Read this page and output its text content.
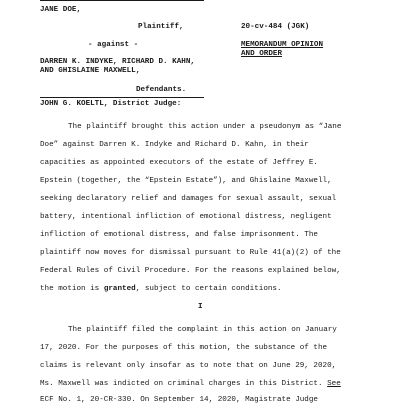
JANE DOE,
Plaintiff,
- against -
DARREN K. INDYKE, RICHARD D. KAHN,
AND GHISLAINE MAXWELL,
Defendants.
20-cv-484 (JGK)
MEMORANDUM OPINION
AND ORDER
JOHN G. KOELTL, District Judge:
The plaintiff brought this action under a pseudonym as “Jane
Doe” against Darren K. Indyke and Richard D. Kahn, in their
capacities as appointed executors of the estate of Jeffrey E.
Epstein (together, the “Epstein Estate”), and Ghislaine Maxwell,
seeking declaratory relief and damages for sexual assault, sexual
battery, intentional infliction of emotional distress, negligent
infliction of emotional distress, and false imprisonment. The
plaintiff now moves for dismissal pursuant to Rule 41(a)(2) of the
Federal Rules of Civil Procedure. For the reasons explained below,
the motion is granted, subject to certain conditions.
I
The plaintiff filed the complaint in this action on January
17, 2020. For the purposes of this motion, the substance of the
claims is relevant only insofar as to note that on June 29, 2020,
Ms. Maxwell was indicted on criminal charges in this District. See
ECF No. 1, 20-CR-330. On September 14, 2020, Magistrate Judge
